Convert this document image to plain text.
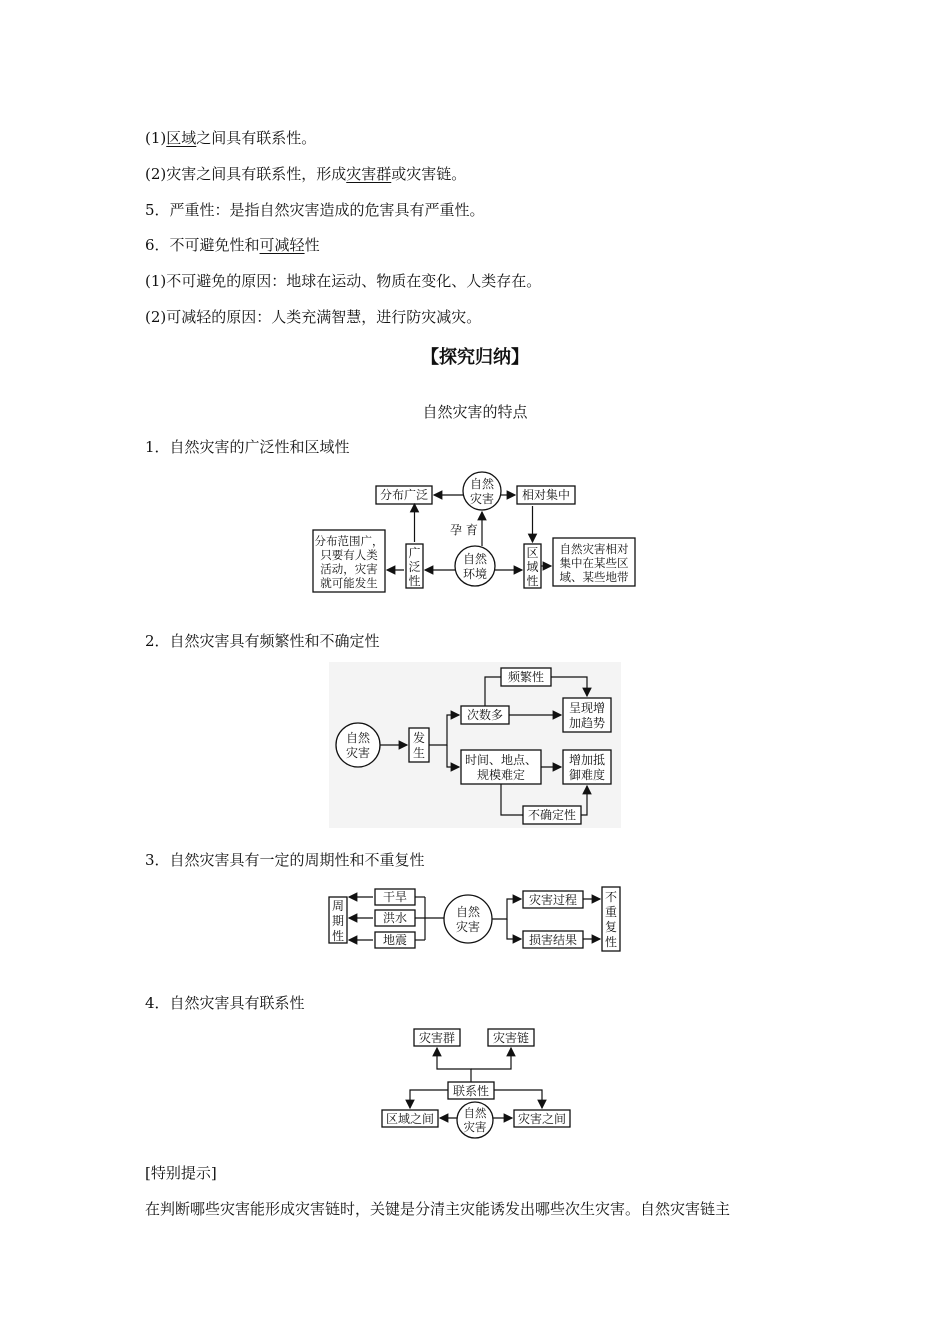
(1)区域之间具有联系性。
(2)灾害之间具有联系性，形成灾害群或灾害链。
5．严重性：是指自然灾害造成的危害具有严重性。
6．不可避免性和可减轻性
(1)不可避免的原因：地球在运动、物质在变化、人类存在。
(2)可减轻的原因：人类充满智慧，进行防灾减灾。
【探究归纳】
自然灾害的特点
1．自然灾害的广泛性和区域性
分布广泛
自然
灾害 相对集中
孕 育
分布范围广，
只要有人类
活动，灾害
就可能发生
广
泛
性
自然
环境
区
域
性
自然灾害相对
集中在某些区
域、某些地带
2．自然灾害具有频繁性和不确定性
频繁性
自然
灾害
发
生
次数多	呈现增
加趋势
时间、地点、
规模难定
增加抵
御难度
不确定性
3．自然灾害具有一定的周期性和不重复性
周
期
性
干旱
洪水
地震
自然
灾害
灾害过程
损害结果
不
重
复
性
4．自然灾害具有联系性
灾害群	灾害链
联系性
区域之间	自然
灾害
灾害之间
[特别提示]
在判断哪些灾害能形成灾害链时，关键是分清主灾能诱发出哪些次生灾害。自然灾害链主
